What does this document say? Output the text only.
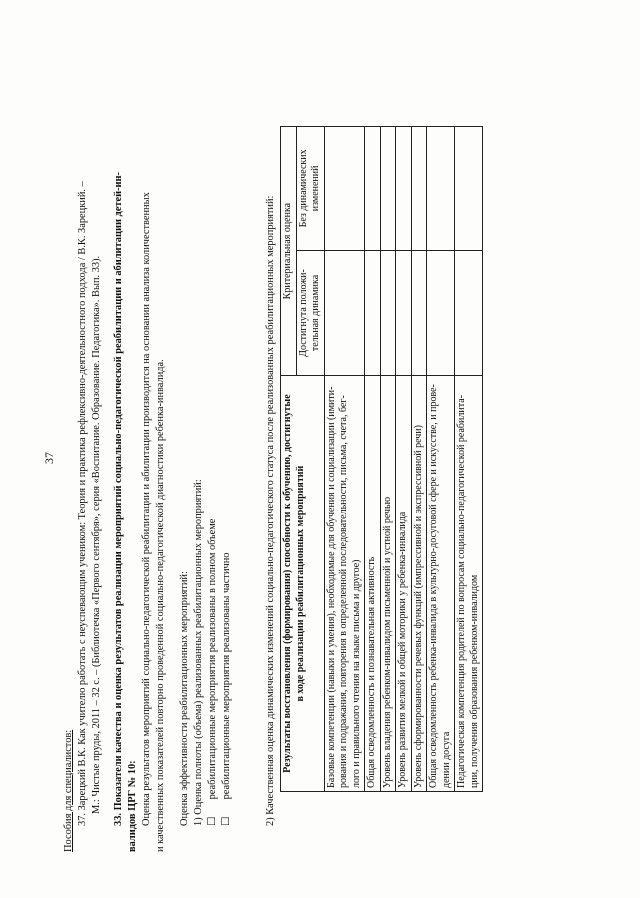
37
Пособия для специалистов: 37. Зарецкий В.К. Как учителю работать с неуспевающим учеником: Теория и практика рефлексивно-деятельностного подхода / В.К. Зарецкий. – М.: Чистые пруды, 2011 – 32 с. – (Библиотечка «Первого сентября», серия «Воспитание. Образование. Педагогика». Вып. 33). 33. Показатели качества и оценка результатов реализации мероприятий социально-педагогической реабилитации и абилитации детей-ин- валидов ЦРГ № 10: Оценка результатов мероприятий социально-педагогической реабилитации и абилитации производится на основании анализа количественных и качественных показателей повторно проведенной социально-педагогической диагностики ребенка-инвалида. Оценка эффективности реабилитационных мероприятий: 1) Оценка полноты (объема) реализованных реабилитационных мероприятий: ☐ реабилитационные мероприятия реализованы в полном объеме
☐ реабилитационные мероприятия реализованы частично	2) Качественная оценка динамических изменений социально-педагогического статуса после реализованных реабилитационных мероприятий: Результаты восстановления (формирования) способности к обучению, достигнутые в ходе реализации реабилитационных мероприятий	Критериальная оценка	
	Достигнута положи-тельная динамика	Без динамических изменений
Базовые компетенции (навыки и умения), необходимые для обучения и социализации (имити-рования и подражания, повторения в определенной последовательности, письма, счета, бег-лого и правильного чтения на языке письма и другое)		
Общая осведомленность и познавательная активность		
Уровень владения ребенком-инвалидом письменной и устной речью		
Уровень развития мелкой и общей моторики у ребенка-инвалида		
Уровень сформированности речевых функций (импрессивной и экспрессивной речи)		
Общая осведомленность ребенка-инвалида в культурно-досуговой сфере и искусстве, и прове-дении досуга		
Педагогическая компетенция родителей по вопросам социально-педагогической реабилита-ции, получения образования ребенком-инвалидом		
